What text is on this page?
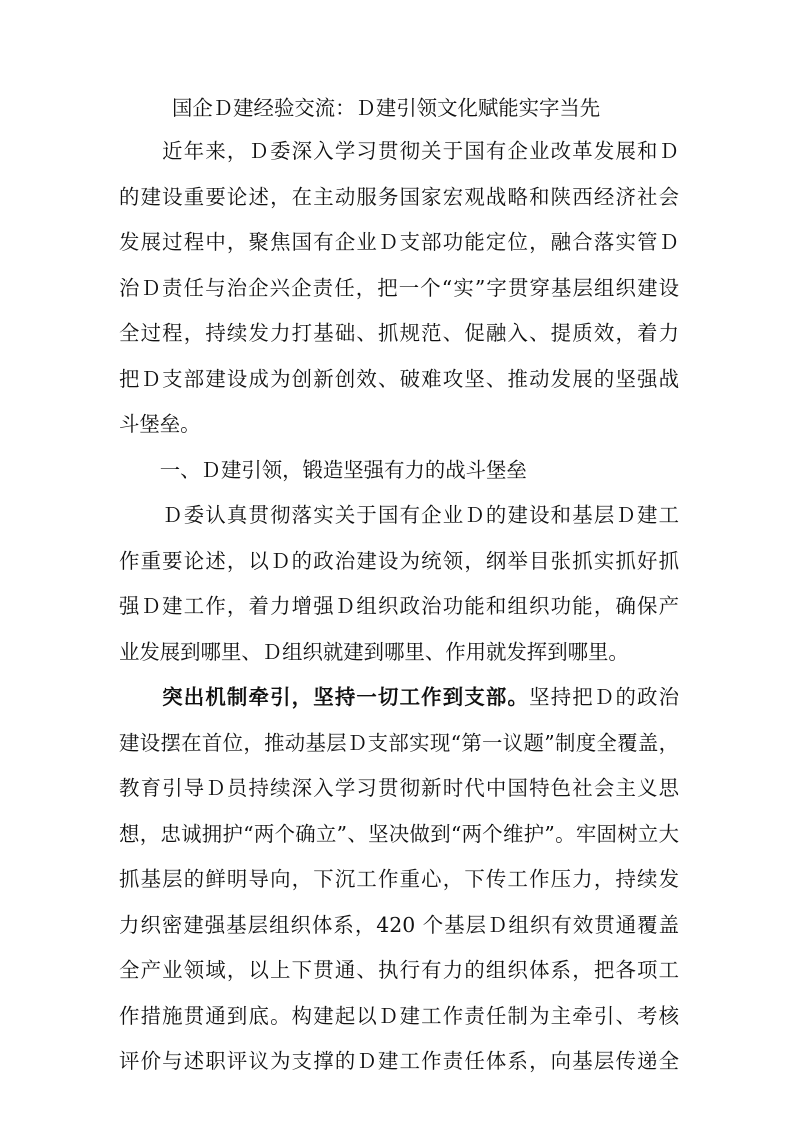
国企Ｄ建经验交流：Ｄ建引领文化赋能实字当先
　　近年来，Ｄ委深入学习贯彻关于国有企业改革发展和Ｄ
的建设重要论述，在主动服务国家宏观战略和陕西经济社会
发展过程中，聚焦国有企业Ｄ支部功能定位，融合落实管Ｄ
治Ｄ责任与治企兴企责任，把一个“实”字贯穿基层组织建设
全过程，持续发力打基础、抓规范、促融入、提质效，着力
把Ｄ支部建设成为创新创效、破难攻坚、推动发展的坚强战
斗堡垒。
　　一、Ｄ建引领，锻造坚强有力的战斗堡垒
　　Ｄ委认真贯彻落实关于国有企业Ｄ的建设和基层Ｄ建工
作重要论述，以Ｄ的政治建设为统领，纲举目张抓实抓好抓
强Ｄ建工作，着力增强Ｄ组织政治功能和组织功能，确保产
业发展到哪里、Ｄ组织就建到哪里、作用就发挥到哪里。
　　突出机制牵引，坚持一切工作到支部。坚持把Ｄ的政治
建设摆在首位，推动基层Ｄ支部实现“第一议题”制度全覆盖，
教育引导Ｄ员持续深入学习贯彻新时代中国特色社会主义思
想，忠诚拥护“两个确立”、坚决做到“两个维护”。牢固树立大
抓基层的鲜明导向，下沉工作重心，下传工作压力，持续发
力织密建强基层组织体系，420 个基层Ｄ组织有效贯通覆盖
全产业领域，以上下贯通、执行有力的组织体系，把各项工
作措施贯通到底。构建起以Ｄ建工作责任制为主牵引、考核
评价与述职评议为支撑的Ｄ建工作责任体系，向基层传递全
